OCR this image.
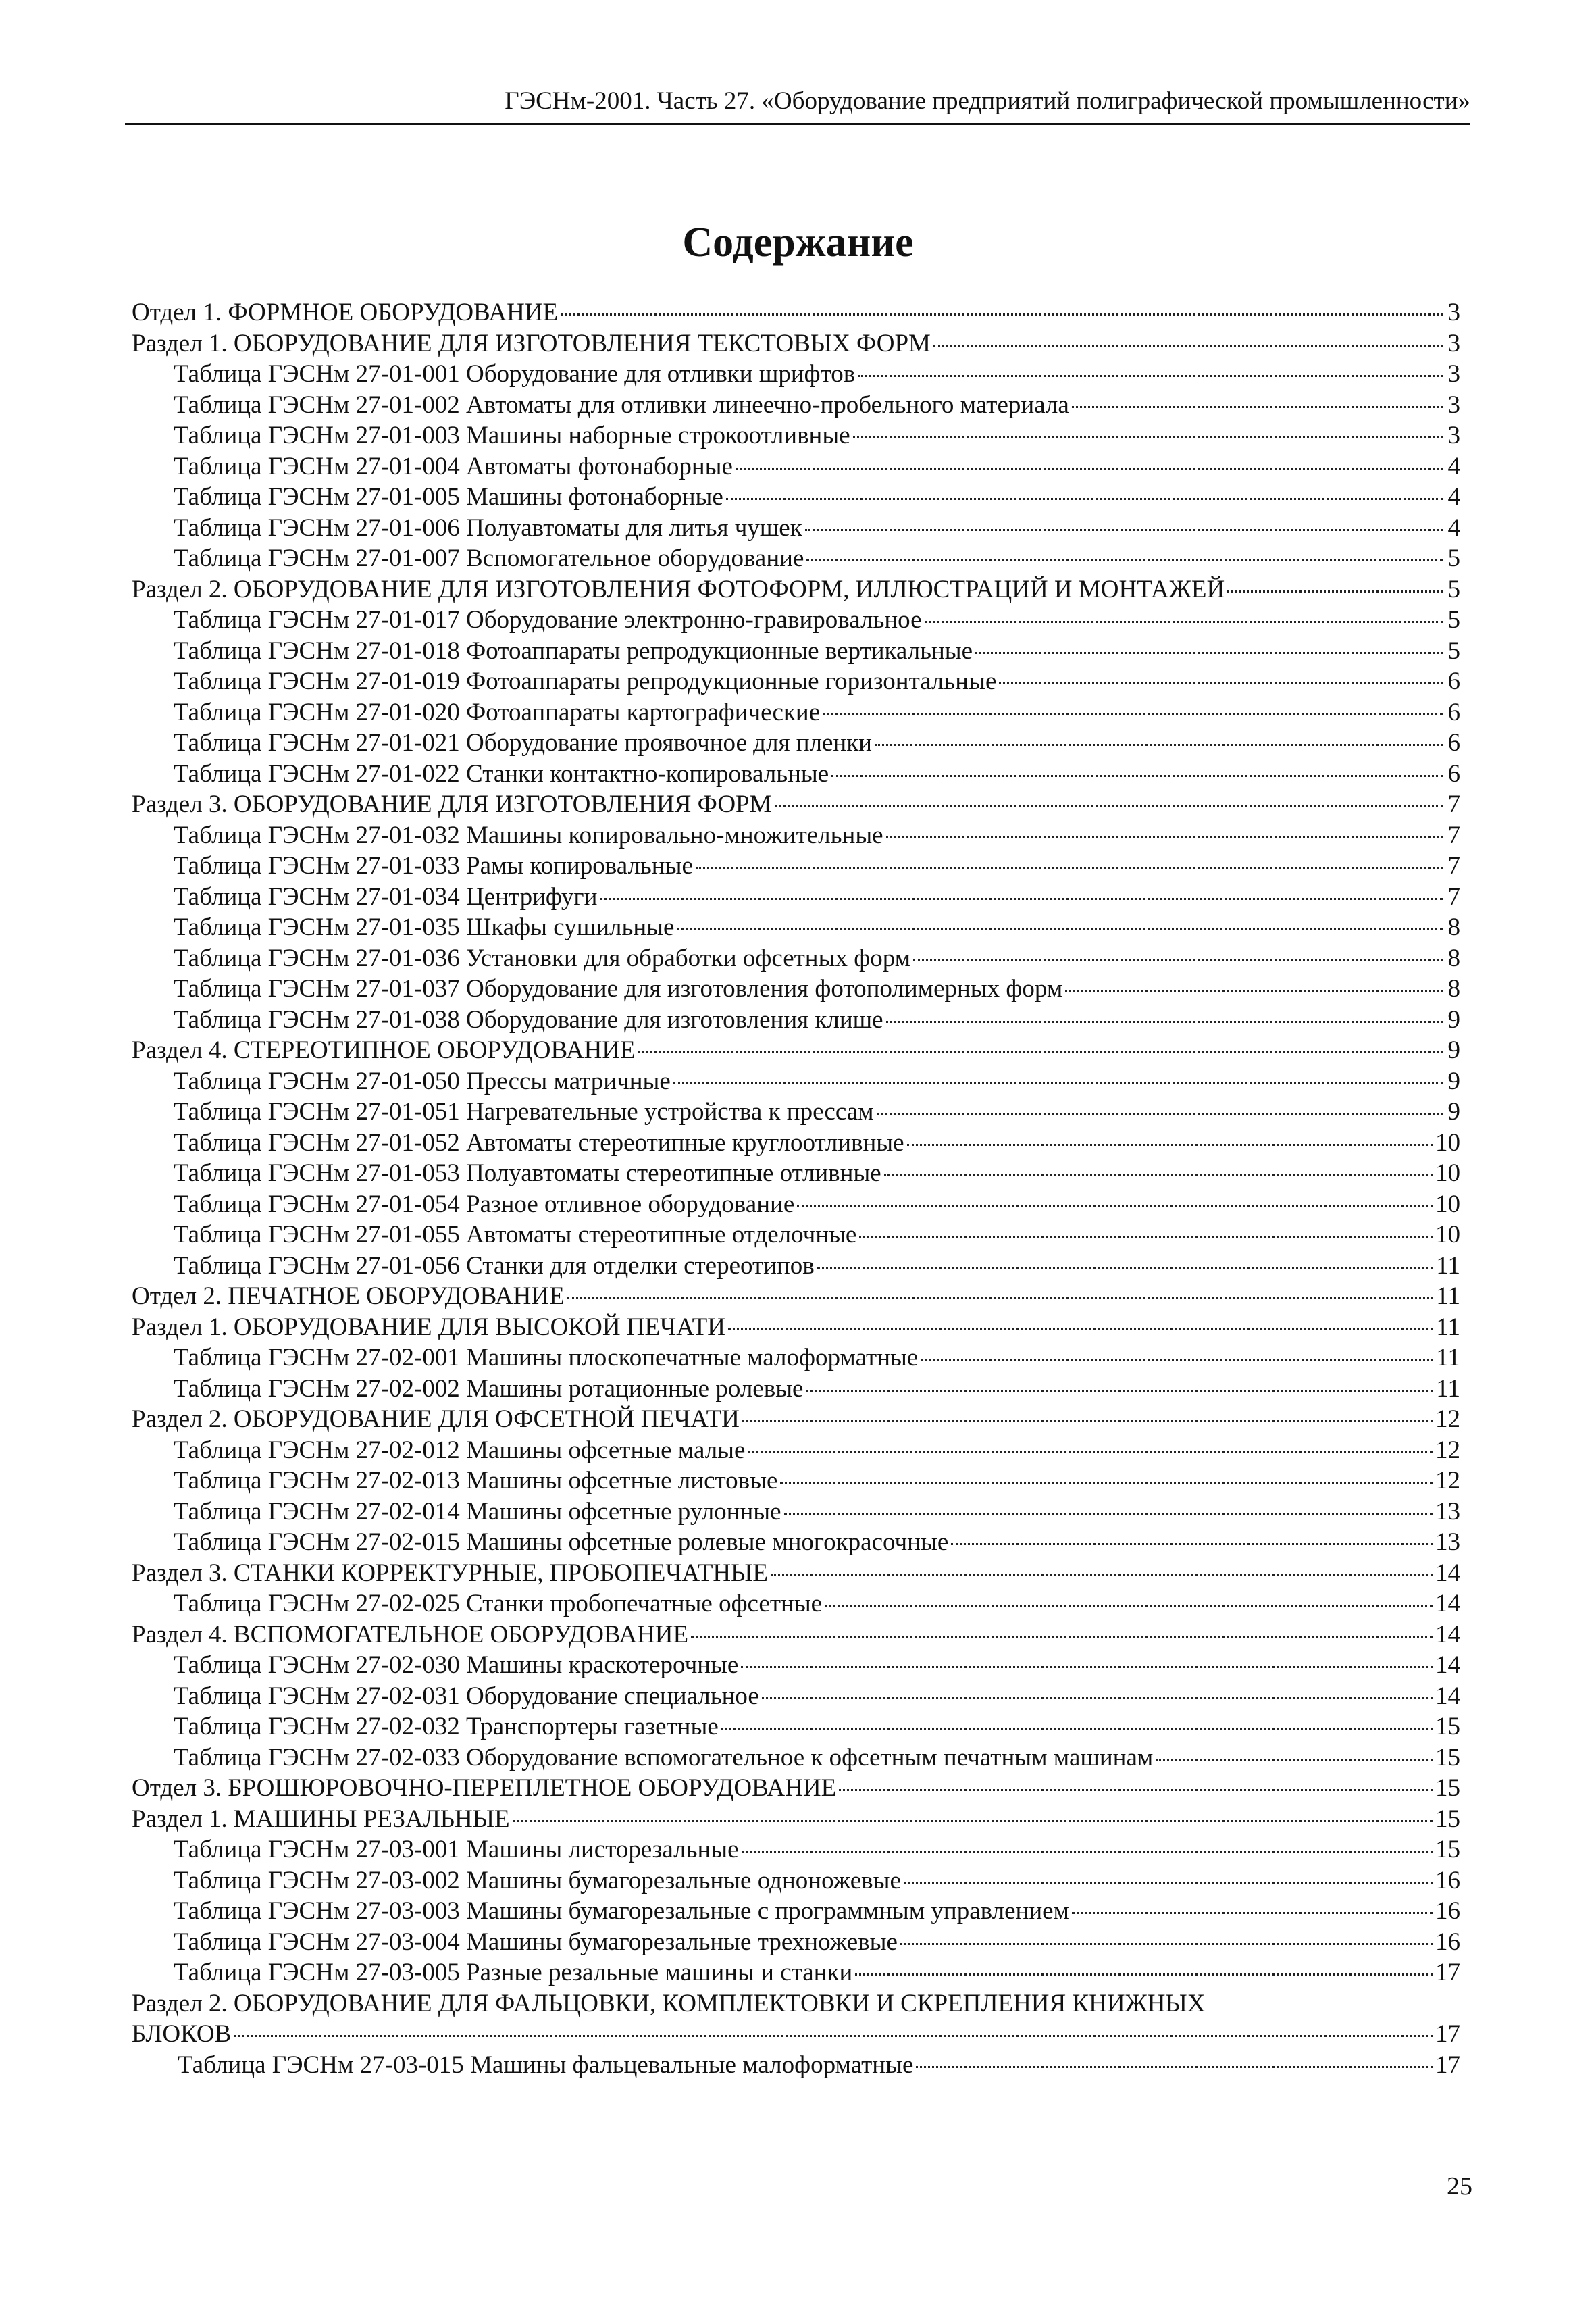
ГЭСНм-2001. Часть 27. «Оборудование предприятий полиграфической промышленности»
Содержание
Отдел 1. ФОРМНОЕ ОБОРУДОВАНИЕ	3
Раздел 1. ОБОРУДОВАНИЕ ДЛЯ ИЗГОТОВЛЕНИЯ ТЕКСТОВЫХ ФОРМ	3
Таблица ГЭСНм 27-01-001 Оборудование для отливки шрифтов	3
Таблица ГЭСНм 27-01-002 Автоматы для отливки линеечно-пробельного материала	3
Таблица ГЭСНм 27-01-003 Машины наборные строкоотливные	3
Таблица ГЭСНм 27-01-004 Автоматы фотонаборные	4
Таблица ГЭСНм 27-01-005 Машины фотонаборные	4
Таблица ГЭСНм 27-01-006 Полуавтоматы для литья чушек	4
Таблица ГЭСНм 27-01-007 Вспомогательное оборудование	5
Раздел 2. ОБОРУДОВАНИЕ ДЛЯ ИЗГОТОВЛЕНИЯ ФОТОФОРМ, ИЛЛЮСТРАЦИЙ И МОНТАЖЕЙ	5
Таблица ГЭСНм 27-01-017 Оборудование электронно-гравировальное	5
Таблица ГЭСНм 27-01-018 Фотоаппараты репродукционные вертикальные	5
Таблица ГЭСНм 27-01-019 Фотоаппараты репродукционные горизонтальные	6
Таблица ГЭСНм 27-01-020 Фотоаппараты картографические	6
Таблица ГЭСНм 27-01-021 Оборудование проявочное для пленки	6
Таблица ГЭСНм 27-01-022 Станки контактно-копировальные	6
Раздел 3. ОБОРУДОВАНИЕ ДЛЯ ИЗГОТОВЛЕНИЯ ФОРМ	7
Таблица ГЭСНм 27-01-032 Машины копировально-множительные	7
Таблица ГЭСНм 27-01-033 Рамы копировальные	7
Таблица ГЭСНм 27-01-034 Центрифуги	7
Таблица ГЭСНм 27-01-035 Шкафы сушильные	8
Таблица ГЭСНм 27-01-036 Установки для обработки офсетных форм	8
Таблица ГЭСНм 27-01-037 Оборудование для изготовления фотополимерных форм	8
Таблица ГЭСНм 27-01-038 Оборудование для изготовления клише	9
Раздел 4. СТЕРЕОТИПНОЕ ОБОРУДОВАНИЕ	9
Таблица ГЭСНм 27-01-050 Прессы матричные	9
Таблица ГЭСНм 27-01-051 Нагревательные устройства к прессам	9
Таблица ГЭСНм 27-01-052 Автоматы стереотипные круглоотливные	10
Таблица ГЭСНм 27-01-053 Полуавтоматы стереотипные отливные	10
Таблица ГЭСНм 27-01-054 Разное отливное оборудование	10
Таблица ГЭСНм 27-01-055 Автоматы стереотипные отделочные	10
Таблица ГЭСНм 27-01-056 Станки для отделки стереотипов	11
Отдел 2. ПЕЧАТНОЕ ОБОРУДОВАНИЕ	11
Раздел 1. ОБОРУДОВАНИЕ ДЛЯ ВЫСОКОЙ ПЕЧАТИ	11
Таблица ГЭСНм 27-02-001 Машины плоскопечатные малоформатные	11
Таблица ГЭСНм 27-02-002 Машины ротационные ролевые	11
Раздел 2. ОБОРУДОВАНИЕ ДЛЯ ОФСЕТНОЙ ПЕЧАТИ	12
Таблица ГЭСНм 27-02-012 Машины офсетные малые	12
Таблица ГЭСНм 27-02-013 Машины офсетные листовые	12
Таблица ГЭСНм 27-02-014 Машины офсетные рулонные	13
Таблица ГЭСНм 27-02-015 Машины офсетные ролевые многокрасочные	13
Раздел 3. СТАНКИ КОРРЕКТУРНЫЕ, ПРОБОПЕЧАТНЫЕ	14
Таблица ГЭСНм 27-02-025 Станки пробопечатные офсетные	14
Раздел 4. ВСПОМОГАТЕЛЬНОЕ ОБОРУДОВАНИЕ	14
Таблица ГЭСНм 27-02-030 Машины краскотерочные	14
Таблица ГЭСНм 27-02-031 Оборудование специальное	14
Таблица ГЭСНм 27-02-032 Транспортеры газетные	15
Таблица ГЭСНм 27-02-033 Оборудование вспомогательное к офсетным печатным машинам	15
Отдел 3. БРОШЮРОВОЧНО-ПЕРЕПЛЕТНОЕ ОБОРУДОВАНИЕ	15
Раздел 1. МАШИНЫ РЕЗАЛЬНЫЕ	15
Таблица ГЭСНм 27-03-001 Машины листорезальные	15
Таблица ГЭСНм 27-03-002 Машины бумагорезальные одноножевые	16
Таблица ГЭСНм 27-03-003 Машины бумагорезальные с программным управлением	16
Таблица ГЭСНм 27-03-004 Машины бумагорезальные трехножевые	16
Таблица ГЭСНм 27-03-005 Разные резальные машины и станки	17
Раздел 2. ОБОРУДОВАНИЕ ДЛЯ ФАЛЬЦОВКИ, КОМПЛЕКТОВКИ И СКРЕПЛЕНИЯ КНИЖНЫХ
БЛОКОВ	17
Таблица ГЭСНм 27-03-015 Машины фальцевальные малоформатные	17
25
